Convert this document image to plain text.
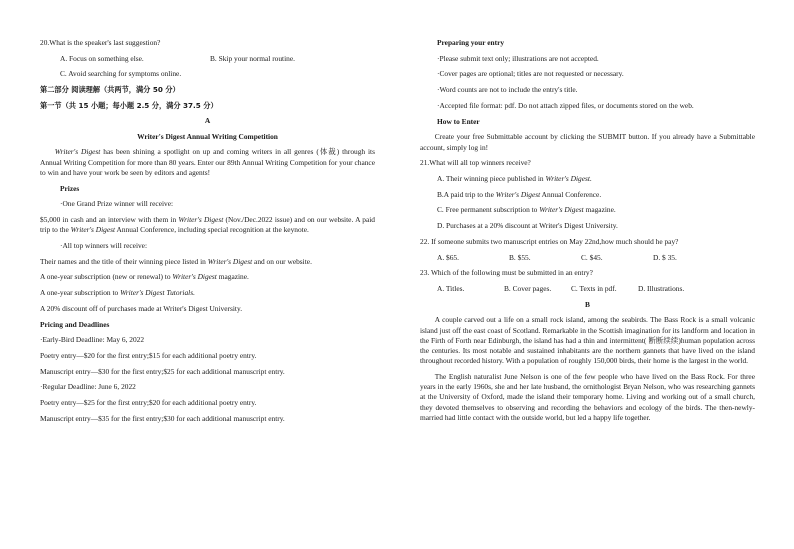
20.What is the speaker's last suggestion?

A. Focus on something else.	B. Skip your normal routine.

C. Avoid searching for symptoms online.

第二部分 阅读理解（共两节，满分 50 分）

第一节（共 15 小题；每小题 2.5 分，满分 37.5 分）

A

Writer's Digest Annual Writing Competition

Writer's Digest has been shining a spotlight on up and coming writers in all genres (体裁) through its Annual Writing Competition for more than 80 years. Enter our 89th Annual Writing Competition for your chance to win and have your work be seen by editors and agents!

Prizes

·One Grand Prize winner will receive:

$5,000 in cash and an interview with them in Writer's Digest (Nov./Dec.2022 issue) and on our website. A paid trip to the Writer's Digest Annual Conference, including special recognition at the keynote.

·All top winners will receive:

Their names and the title of their winning piece listed in Writer's Digest and on our website.

A one-year subscription (new or renewal) to Writer's Digest magazine.

A one-year subscription to Writer's Digest Tutorials.

A 20% discount off of purchases made at Writer's Digest University.

Pricing and Deadlines

·Early-Bird Deadline: May 6, 2022

Poetry entry—$20 for the first entry;$15 for each additional poetry entry.

Manuscript entry—$30 for the first entry;$25 for each additional manuscript entry.

·Regular Deadline: June 6, 2022

Poetry entry—$25 for the first entry;$20 for each additional poetry entry.

Manuscript entry—$35 for the first entry;$30 for each additional manuscript entry.

Preparing your entry

·Please submit text only; illustrations are not accepted.

·Cover pages are optional; titles are not requested or necessary.

·Word counts are not to include the entry's title.

·Accepted file format: pdf. Do not attach zipped files, or documents stored on the web.

How to Enter

Create your free Submittable account by clicking the SUBMIT button. If you already have a Submittable account, simply log in!

21.What will all top winners receive?

A. Their winning piece published in Writer's Digest.

B.A paid trip to the Writer's Digest Annual Conference.

C. Free permanent subscription to Writer's Digest magazine.

D. Purchases at a 20% discount at Writer's Digest University.

22. If someone submits two manuscript entries on May 22nd,how much should he pay?

A. $65.	B. $55.	C. $45.	D. $ 35.

23. Which of the following must be submitted in an entry?

A. Titles.	B. Cover pages.	C. Texts in pdf.	D. Illustrations.

B

A couple carved out a life on a small rock island, among the seabirds. The Bass Rock is a small volcanic island just off the east coast of Scotland. Remarkable in the Scottish imagination for its landform and location in the Firth of Forth near Edinburgh, the island has had a thin and intermittent( 断断续续)human population across the centuries. Its most notable and sustained inhabitants are the northern gannets that have lived on the island throughout recorded history. With a population of roughly 150,000 birds, their home is the largest in the world.

The English naturalist June Nelson is one of the few people who have lived on the Bass Rock. For three years in the early 1960s, she and her late husband, the ornithologist Bryan Nelson, who was researching gannets at the University of Oxford, made the island their temporary home. Living and working out of a small church, they devoted themselves to observing and recording the behaviors and ecology of the birds. The then-newly-married had little contact with the outside world, but led a happy life together.
